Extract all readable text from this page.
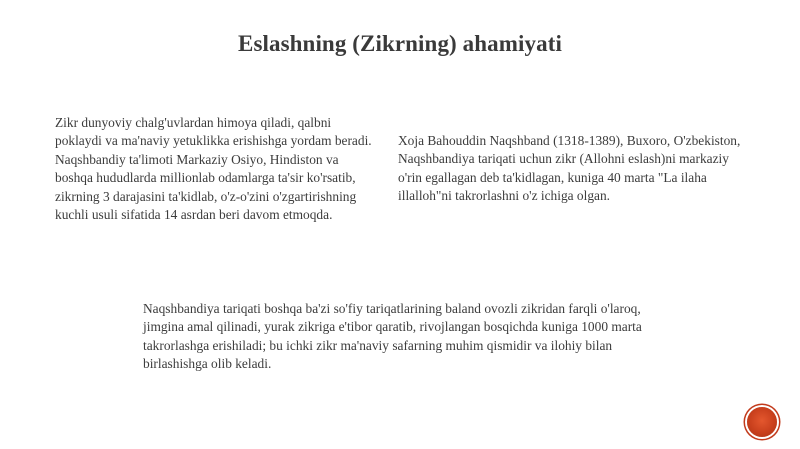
Eslashning (Zikrning) ahamiyati

Zikr dunyoviy chalg'uvlardan himoya qiladi, qalbni poklaydi va ma'naviy yetuklikka erishishga yordam beradi. Naqshbandiy ta'limoti Markaziy Osiyo, Hindiston va boshqa hududlarda millionlab odamlarga ta'sir ko'rsatib, zikrning 3 darajasini ta'kidlab, o'z-o'zini o'zgartirishning kuchli usuli sifatida 14 asrdan beri davom etmoqda.

Xoja Bahouddin Naqshband (1318-1389), Buxoro, O'zbekiston, Naqshbandiya tariqati uchun zikr (Allohni eslash)ni markaziy o'rin egallagan deb ta'kidlagan, kuniga 40 marta "La ilaha illalloh"ni takrorlashni o'z ichiga olgan.

Naqshbandiya tariqati boshqa ba'zi so'fiy tariqatlarining baland ovozli zikridan farqli o'laroq, jimgina amal qilinadi, yurak zikriga e'tibor qaratib, rivojlangan bosqichda kuniga 1000 marta takrorlashga erishiladi; bu ichki zikr ma'naviy safarning muhim qismidir va ilohiy bilan birlashishga olib keladi.
